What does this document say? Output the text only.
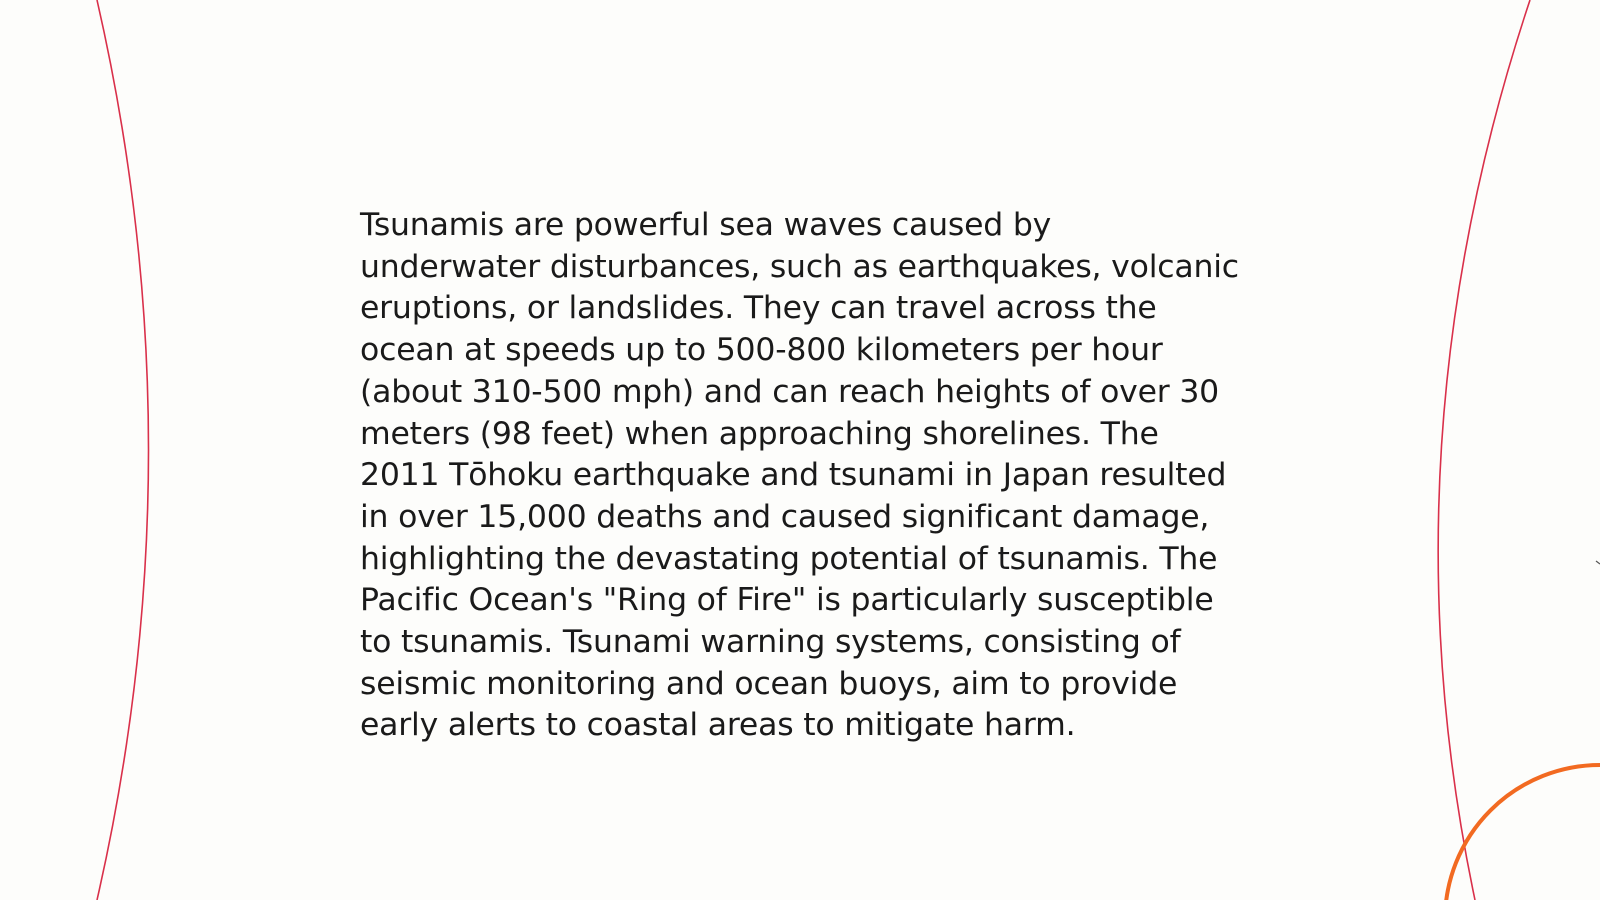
Tsunamis are powerful sea waves caused by underwater disturbances, such as earthquakes, volcanic eruptions, or landslides. They can travel across the ocean at speeds up to 500-800 kilometers per hour (about 310-500 mph) and can reach heights of over 30 meters (98 feet) when approaching shorelines. The 2011 Tōhoku earthquake and tsunami in Japan resulted in over 15,000 deaths and caused significant damage, highlighting the devastating potential of tsunamis. The Pacific Ocean's "Ring of Fire" is particularly susceptible to tsunamis. Tsunami warning systems, consisting of seismic monitoring and ocean buoys, aim to provide early alerts to coastal areas to mitigate harm.
